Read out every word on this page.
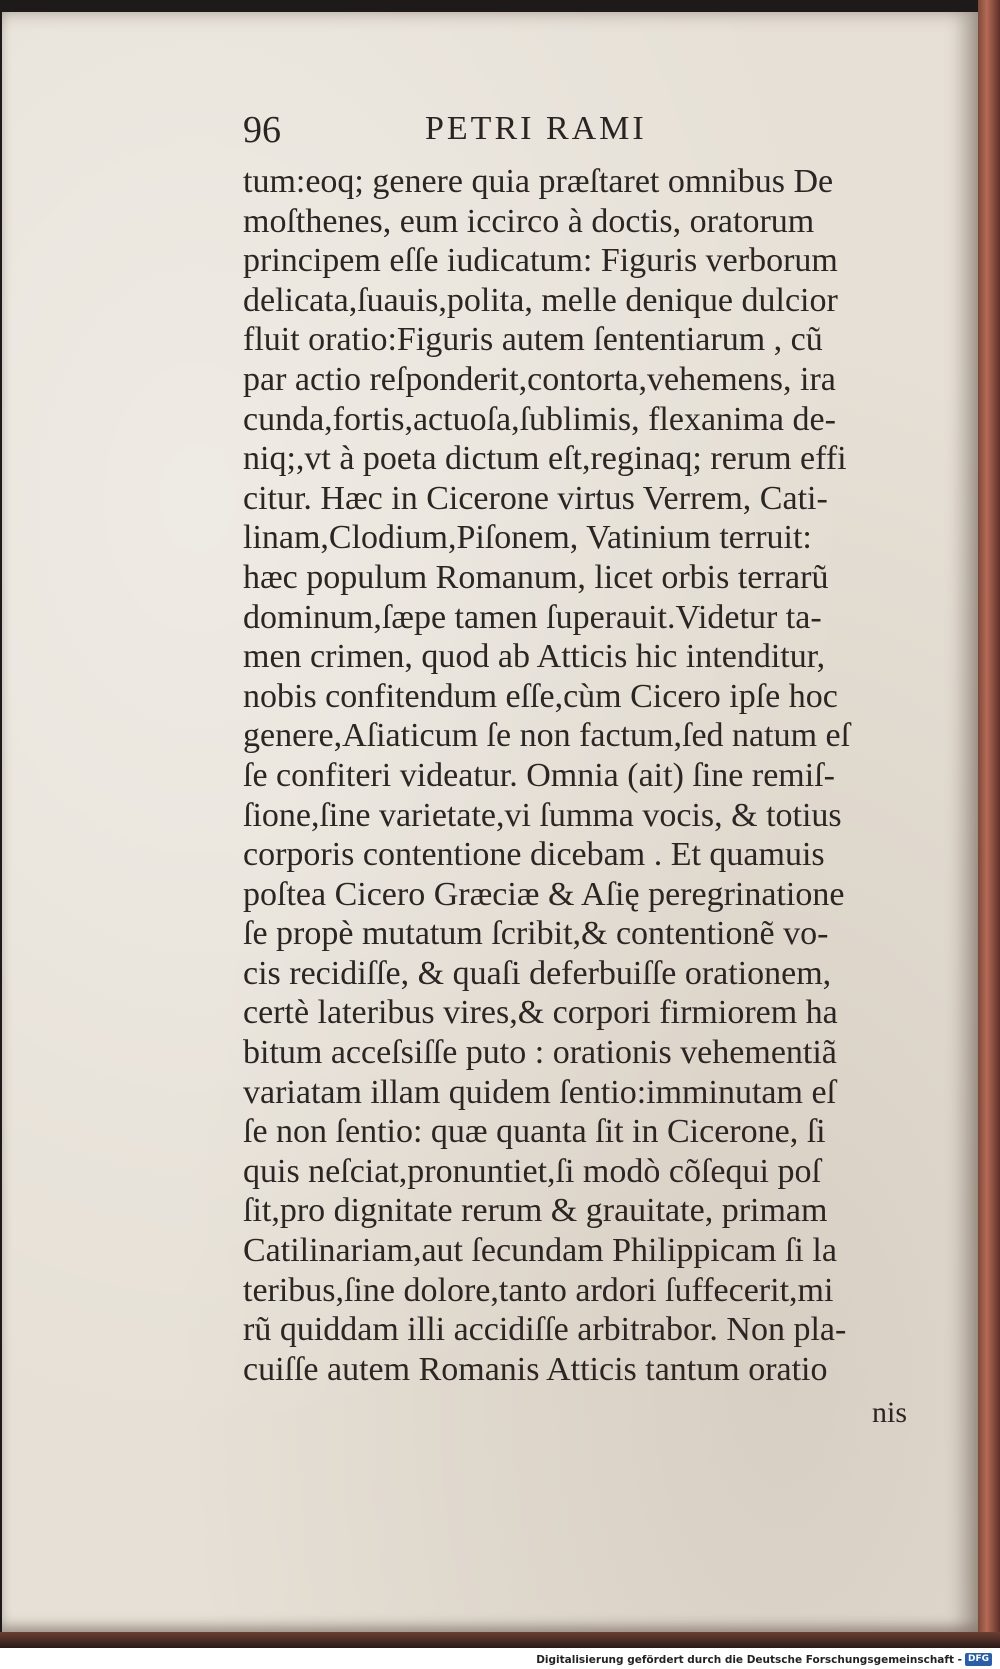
96	PETRI RAMI
tum:eoq; genere quia præſtaret omnibus De
moſthenes, eum iccirco à doctis, oratorum
principem eſſe iudicatum: Figuris verborum
delicata,ſuauis,polita, melle denique dulcior
fluit oratio:Figuris autem ſententiarum , cũ
par actio reſponderit,contorta,vehemens, ira
cunda,fortis,actuoſa,ſublimis, flexanima de-
niq;,vt à poeta dictum eſt,reginaq; rerum effi
citur. Hæc in Cicerone virtus Verrem, Cati-
linam,Clodium,Piſonem, Vatinium terruit:
hæc populum Romanum, licet orbis terrarũ
dominum,ſæpe tamen ſuperauit.Videtur ta-
men crimen, quod ab Atticis hic intenditur,
nobis confitendum eſſe,cùm Cicero ipſe hoc
genere,Aſiaticum ſe non factum,ſed natum eſ
ſe confiteri videatur. Omnia (ait) ſine remiſ-
ſione,ſine varietate,vi ſumma vocis, & totius
corporis contentione dicebam . Et quamuis
poſtea Cicero Græciæ & Aſię peregrinatione
ſe propè mutatum ſcribit,& contentionẽ vo-
cis recidiſſe, & quaſi deferbuiſſe orationem,
certè lateribus vires,& corpori firmiorem ha
bitum acceſsiſſe puto : orationis vehementiã
variatam illam quidem ſentio:imminutam eſ
ſe non ſentio: quæ quanta ſit in Cicerone, ſi
quis neſciat,pronuntiet,ſi modò cõſequi poſ
ſit,pro dignitate rerum & grauitate, primam
Catilinariam,aut ſecundam Philippicam ſi la
teribus,ſine dolore,tanto ardori ſuffecerit,mi
rũ quiddam illi accidiſſe arbitrabor. Non pla-
cuiſſe autem Romanis Atticis tantum oratio
nis
Digitalisierung gefördert durch die Deutsche Forschungsgemeinschaft - DFG
